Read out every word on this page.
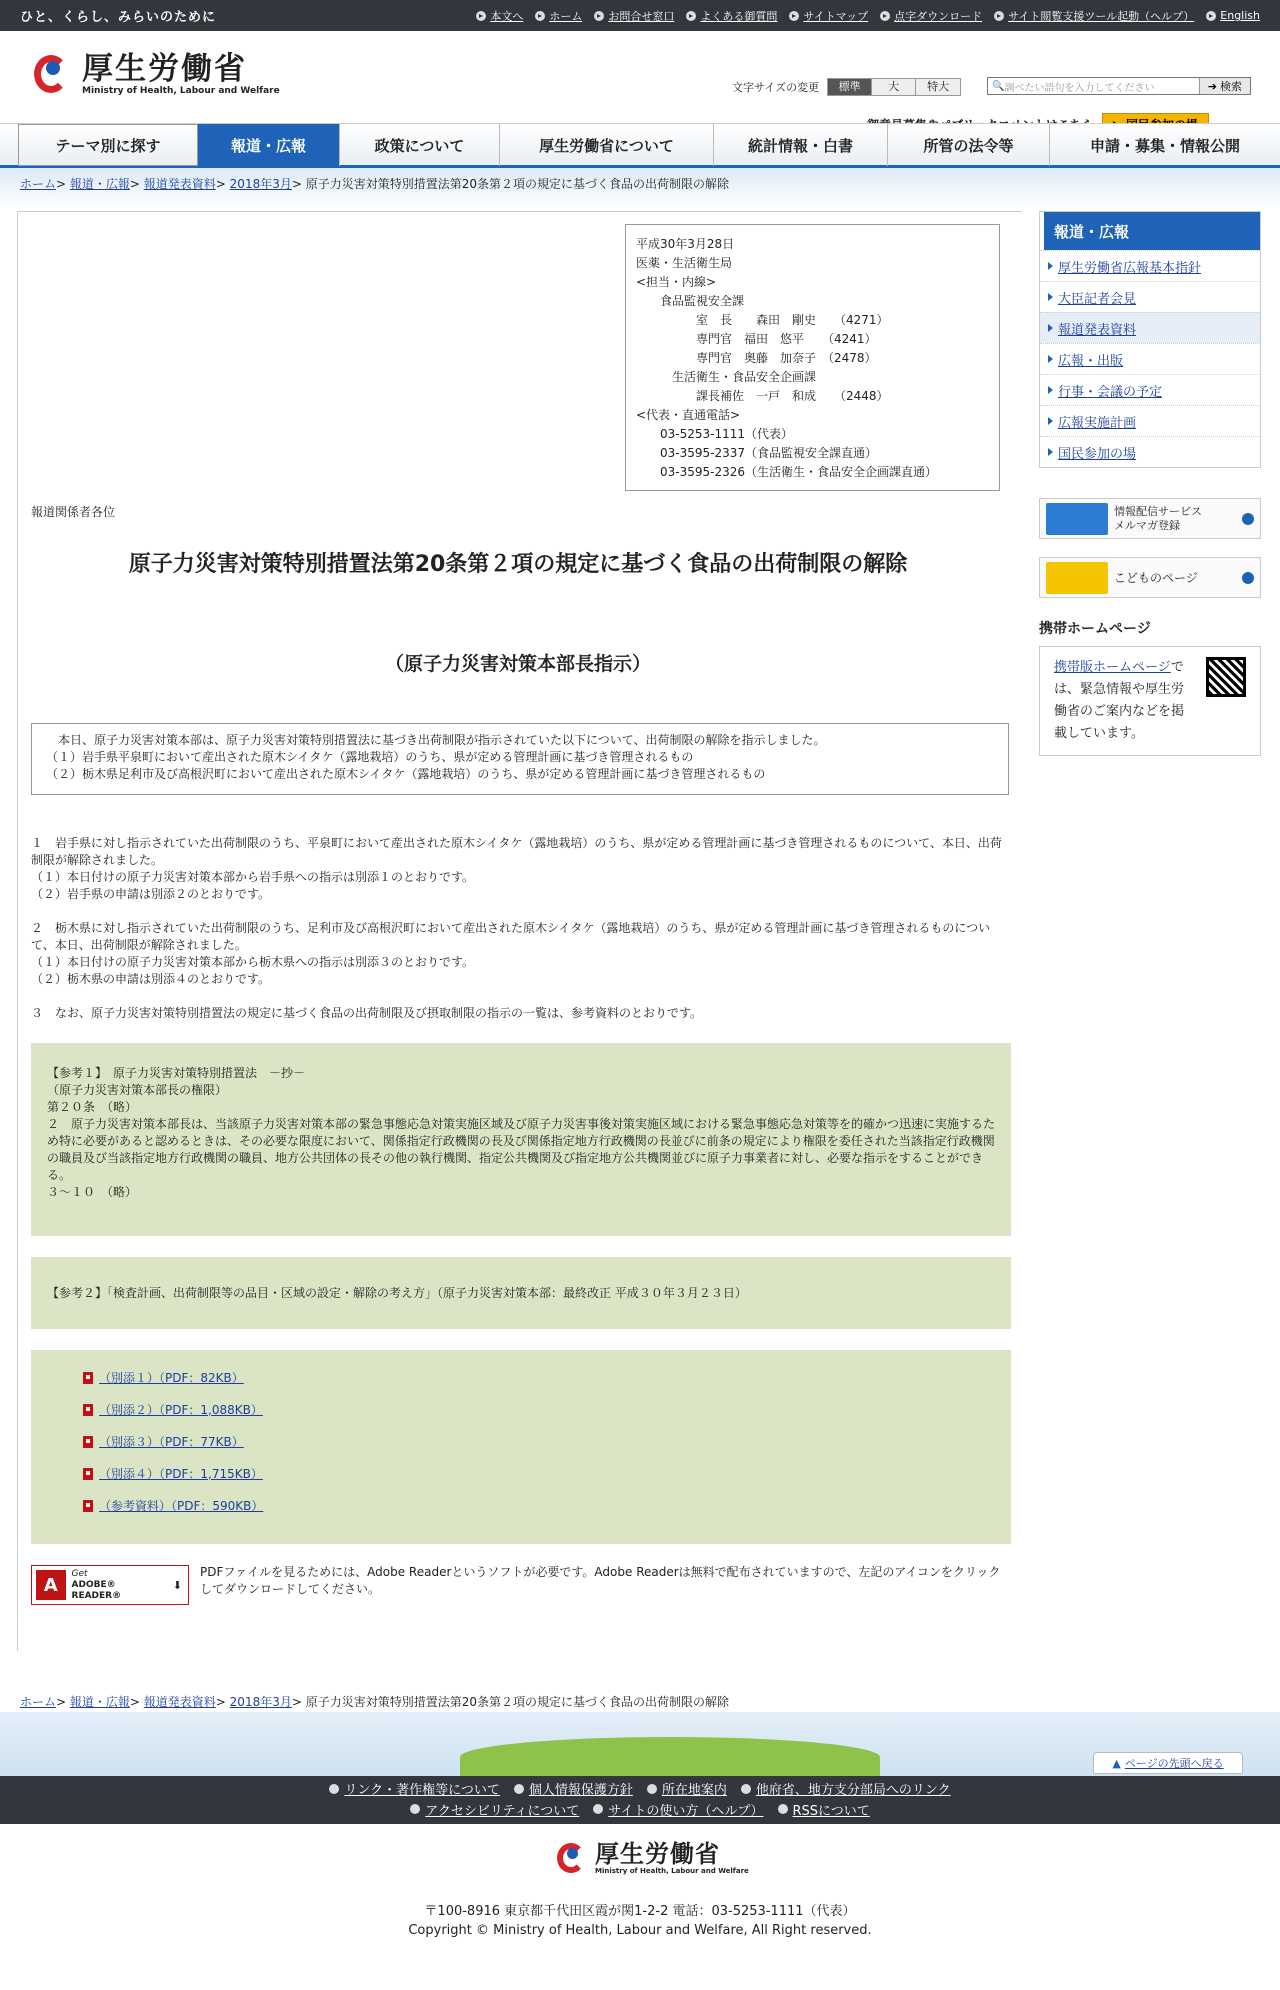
ひと、くらし、みらいのために	本文へ ホーム お問合せ窓口 よくある御質問 サイトマップ 点字ダウンロード サイト閲覧支援ツール起動（ヘルプ） English
厚生労働省
Ministry of Health, Labour and Welfare	文字サイズの変更	標準	大	特大	🔍 調べたい語句を入力してください	➔ 検索
テーマ別に探す	報道・広報	政策について	厚生労働省について	統計情報・白書	所管の法令等	申請・募集・情報公開
ホーム> 報道・広報> 報道発表資料> 2018年3月> 原子力災害対策特別措置法第20条第２項の規定に基づく食品の出荷制限の解除
平成30年3月28日
医薬・生活衛生局
<担当・内線>
　　食品監視安全課
　　　　　室　長　　森田　剛史　　（4271）
　　　　　専門官　福田　悠平　　（4241）
　　　　　専門官　奥藤　加奈子　（2478）
　　　生活衛生・食品安全企画課
　　　　　課長補佐　一戸　和成　　（2448）
<代表・直通電話>
　　03-5253-1111（代表）
　　03-3595-2337（食品監視安全課直通）
　　03-3595-2326（生活衛生・食品安全企画課直通）
報道関係者各位
原子力災害対策特別措置法第20条第２項の規定に基づく食品の出荷制限の解除
（原子力災害対策本部長指示）
　本日、原子力災害対策本部は、原子力災害対策特別措置法に基づき出荷制限が指示されていた以下について、出荷制限の解除を指示しました。
（１）岩手県平泉町において産出された原木シイタケ（露地栽培）のうち、県が定める管理計画に基づき管理されるもの
（２）栃木県足利市及び高根沢町において産出された原木シイタケ（露地栽培）のうち、県が定める管理計画に基づき管理されるもの
１　岩手県に対し指示されていた出荷制限のうち、平泉町において産出された原木シイタケ（露地栽培）のうち、県が定める管理計画に基づき管理されるものについて、本日、出荷制限が解除されました。
（１）本日付けの原子力災害対策本部から岩手県への指示は別添１のとおりです。
（２）岩手県の申請は別添２のとおりです。
２　栃木県に対し指示されていた出荷制限のうち、足利市及び高根沢町において産出された原木シイタケ（露地栽培）のうち、県が定める管理計画に基づき管理されるものについて、本日、出荷制限が解除されました。
（１）本日付けの原子力災害対策本部から栃木県への指示は別添３のとおりです。
（２）栃木県の申請は別添４のとおりです。
３　なお、原子力災害対策特別措置法の規定に基づく食品の出荷制限及び摂取制限の指示の一覧は、参考資料のとおりです。
【参考１】　原子力災害対策特別措置法　－抄－
（原子力災害対策本部長の権限）
第２０条　（略）
２　原子力災害対策本部長は、当該原子力災害対策本部の緊急事態応急対策実施区域及び原子力災害事後対策実施区域における緊急事態応急対策等を的確かつ迅速に実施するため特に必要があると認めるときは、その必要な限度において、関係指定行政機関の長及び関係指定地方行政機関の長並びに前条の規定により権限を委任された当該指定行政機関の職員及び当該指定地方行政機関の職員、地方公共団体の長その他の執行機関、指定公共機関及び指定地方公共機関並びに原子力事業者に対し、必要な指示をすることができる。
３～１０　（略）
【参考２】「検査計画、出荷制限等の品目・区域の設定・解除の考え方」（原子力災害対策本部：最終改正 平成３０年３月２３日）
（別添１）（PDF：82KB）
（別添２）（PDF：1,088KB）
（別添３）（PDF：77KB）
（別添４）（PDF：1,715KB）
（参考資料）（PDF：590KB）
A
Get
ADOBE® READER®
⬇
PDFファイルを見るためには、Adobe Readerというソフトが必要です。Adobe Readerは無料で配布されていますので、左記のアイコンをクリックしてダウンロードしてください。
報道・広報
厚生労働省広報基本指針
大臣記者会見
報道発表資料
広報・出版
行事・会議の予定
広報実施計画
国民参加の場
情報配信サービス
メルマガ登録
こどものページ
携帯ホームページ
携帯版ホームページでは、緊急情報や厚生労働省のご案内などを掲載しています。
ホーム> 報道・広報> 報道発表資料> 2018年3月> 原子力災害対策特別措置法第20条第２項の規定に基づく食品の出荷制限の解除
▲ ページの先頭へ戻る
リンク・著作権等について 個人情報保護方針 所在地案内 他府省、地方支分部局へのリンク
アクセシビリティについて サイトの使い方（ヘルプ） RSSについて
厚生労働省
Ministry of Health, Labour and Welfare
〒100-8916 東京都千代田区霞が関1-2-2 電話：03-5253-1111（代表）
Copyright © Ministry of Health, Labour and Welfare, All Right reserved.
